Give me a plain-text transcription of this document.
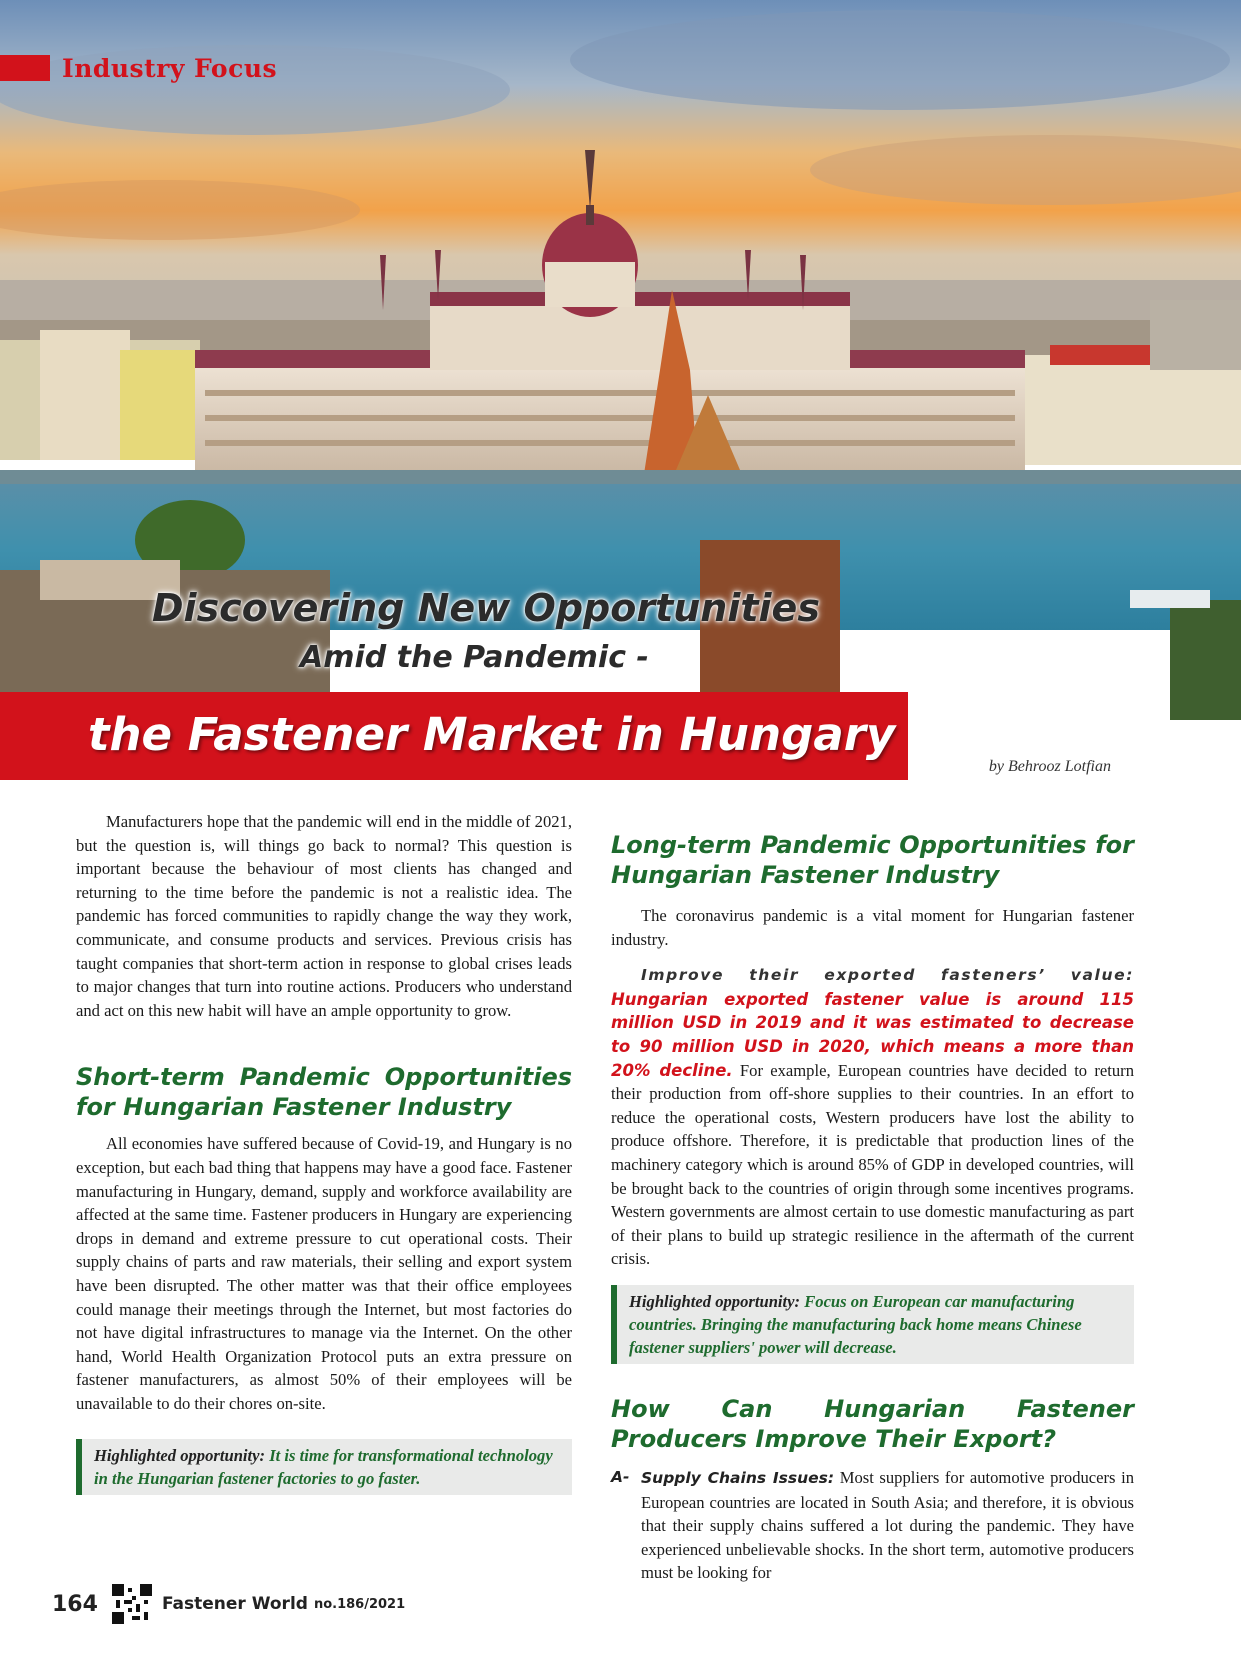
Industry Focus
Discovering New Opportunities
Amid the Pandemic -
the Fastener Market in Hungary
by Behrooz Lotfian

Manufacturers hope that the pandemic will end in the middle of 2021, but the question is, will things go back to normal? This question is important because the behaviour of most clients has changed and returning to the time before the pandemic is not a realistic idea. The pandemic has forced communities to rapidly change the way they work, communicate, and consume products and services. Previous crisis has taught companies that short-term action in response to global crises leads to major changes that turn into routine actions. Producers who understand and act on this new habit will have an ample opportunity to grow.

Short-term Pandemic Opportunities for Hungarian Fastener Industry

All economies have suffered because of Covid-19, and Hungary is no exception, but each bad thing that happens may have a good face. Fastener manufacturing in Hungary, demand, supply and workforce availability are affected at the same time. Fastener producers in Hungary are experiencing drops in demand and extreme pressure to cut operational costs. Their supply chains of parts and raw materials, their selling and export system have been disrupted. The other matter was that their office employees could manage their meetings through the Internet, but most factories do not have digital infrastructures to manage via the Internet. On the other hand, World Health Organization Protocol puts an extra pressure on fastener manufacturers, as almost 50% of their employees will be unavailable to do their chores on-site.

Highlighted opportunity: It is time for transformational technology in the Hungarian fastener factories to go faster.
Long-term Pandemic Opportunities for Hungarian Fastener Industry

The coronavirus pandemic is a vital moment for Hungarian fastener industry.

Improve their exported fasteners’ value: Hungarian exported fastener value is around 115 million USD in 2019 and it was estimated to decrease to 90 million USD in 2020, which means a more than 20% decline. For example, European countries have decided to return their production from off-shore supplies to their countries. In an effort to reduce the operational costs, Western producers have lost the ability to produce offshore. Therefore, it is predictable that production lines of the machinery category which is around 85% of GDP in developed countries, will be brought back to the countries of origin through some incentives programs. Western governments are almost certain to use domestic manufacturing as part of their plans to build up strategic resilience in the aftermath of the current crisis.

Highlighted opportunity: Focus on European car manufacturing countries. Bringing the manufacturing back home means Chinese fastener suppliers' power will decrease.
How Can Hungarian Fastener Producers Improve Their Export?
A- Supply Chains Issues: Most suppliers for automotive producers in European countries are located in South Asia; and therefore, it is obvious that their supply chains suffered a lot during the pandemic. They have experienced unbelievable shocks. In the short term, automotive producers must be looking for
164	Fastener World no.186/2021
